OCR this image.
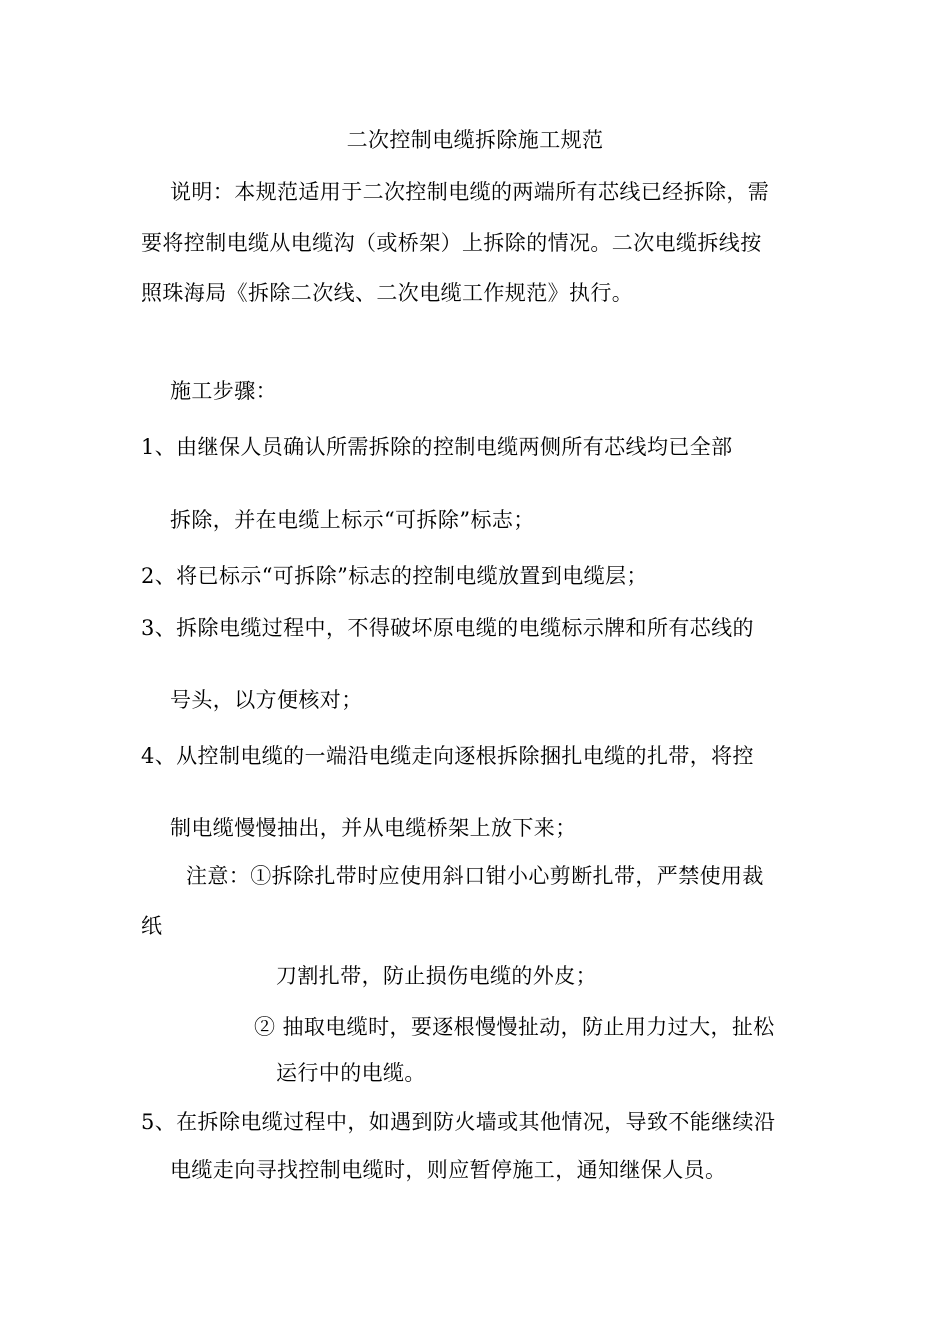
二次控制电缆拆除施工规范
说明：本规范适用于二次控制电缆的两端所有芯线已经拆除，需
要将控制电缆从电缆沟（或桥架）上拆除的情况。二次电缆拆线按
照珠海局《拆除二次线、二次电缆工作规范》执行。
施工步骤：
1、由继保人员确认所需拆除的控制电缆两侧所有芯线均已全部
拆除，并在电缆上标示“可拆除”标志；
2、将已标示“可拆除”标志的控制电缆放置到电缆层；
3、拆除电缆过程中，不得破坏原电缆的电缆标示牌和所有芯线的
号头，以方便核对；
4、从控制电缆的一端沿电缆走向逐根拆除捆扎电缆的扎带，将控
制电缆慢慢抽出，并从电缆桥架上放下来；
注意：①拆除扎带时应使用斜口钳小心剪断扎带，严禁使用裁
纸
刀割扎带，防止损伤电缆的外皮；
② 抽取电缆时，要逐根慢慢扯动，防止用力过大，扯松
运行中的电缆。
5、在拆除电缆过程中，如遇到防火墙或其他情况，导致不能继续沿
电缆走向寻找控制电缆时，则应暂停施工，通知继保人员。
